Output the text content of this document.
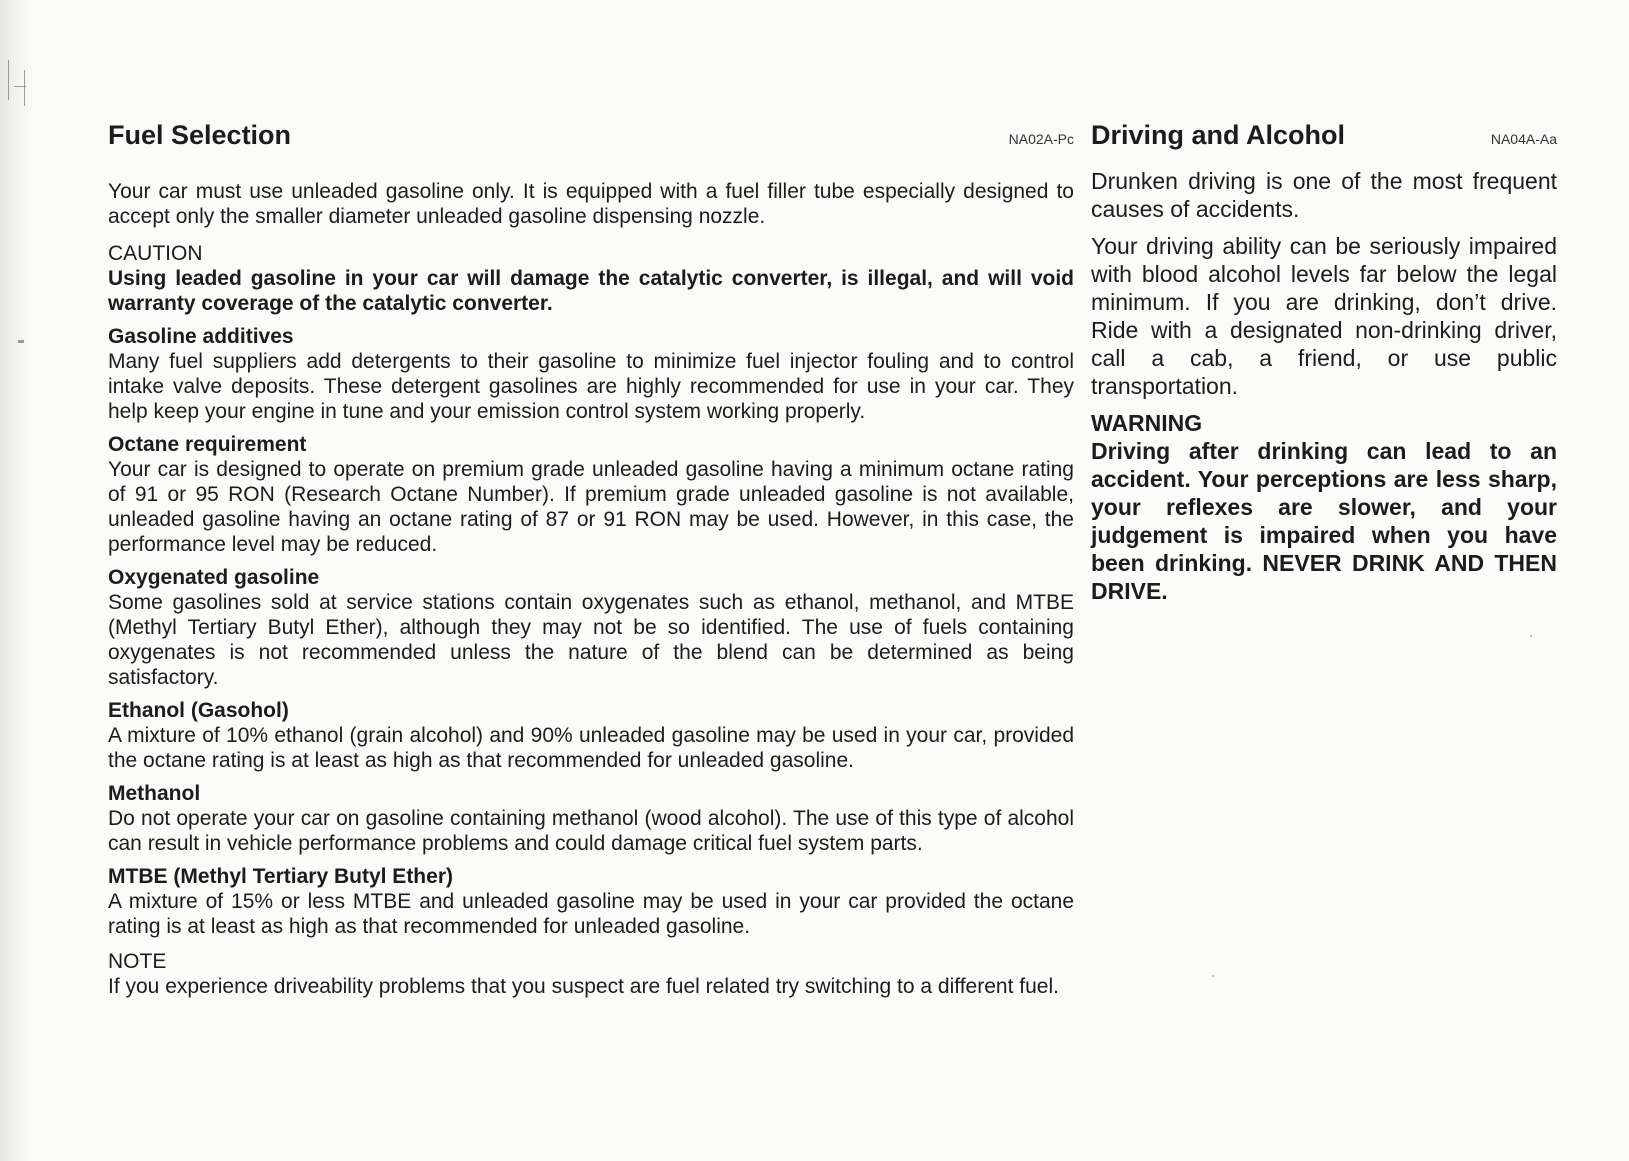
Fuel Selection	NA02A-Pc

Your car must use unleaded gasoline only. It is equipped with a fuel filler tube especially designed to accept only the smaller diameter unleaded gasoline dispensing nozzle.

CAUTION

Using leaded gasoline in your car will damage the catalytic converter, is illegal, and will void warranty coverage of the catalytic converter.

Gasoline additives

Many fuel suppliers add detergents to their gasoline to minimize fuel injector fouling and to control intake valve deposits. These detergent gasolines are highly recommended for use in your car. They help keep your engine in tune and your emission control system working properly.

Octane requirement

Your car is designed to operate on premium grade unleaded gasoline having a minimum octane rating of 91 or 95 RON (Research Octane Number). If premium grade unleaded gasoline is not available, unleaded gasoline having an octane rating of 87 or 91 RON may be used. However, in this case, the performance level may be reduced.

Oxygenated gasoline

Some gasolines sold at service stations contain oxygenates such as ethanol, methanol, and MTBE (Methyl Tertiary Butyl Ether), although they may not be so identified. The use of fuels containing oxygenates is not recommended unless the nature of the blend can be determined as being satisfactory.

Ethanol (Gasohol)

A mixture of 10% ethanol (grain alcohol) and 90% unleaded gasoline may be used in your car, provided the octane rating is at least as high as that recommended for unleaded gasoline.

Methanol

Do not operate your car on gasoline containing methanol (wood alcohol). The use of this type of alcohol can result in vehicle performance problems and could damage critical fuel system parts.

MTBE (Methyl Tertiary Butyl Ether)

A mixture of 15% or less MTBE and unleaded gasoline may be used in your car provided the octane rating is at least as high as that recommended for unleaded gasoline.

NOTE

If you experience driveability problems that you suspect are fuel related try switching to a different fuel.

Driving and Alcohol	NA04A-Aa

Drunken driving is one of the most frequent causes of accidents.

Your driving ability can be seriously impaired with blood alcohol levels far below the legal minimum. If you are drinking, don’t drive. Ride with a designated non-drinking driver, call a cab, a friend, or use public transportation.

WARNING

Driving after drinking can lead to an accident. Your perceptions are less sharp, your reflexes are slower, and your judgement is impaired when you have been drinking. NEVER DRINK AND THEN DRIVE.
